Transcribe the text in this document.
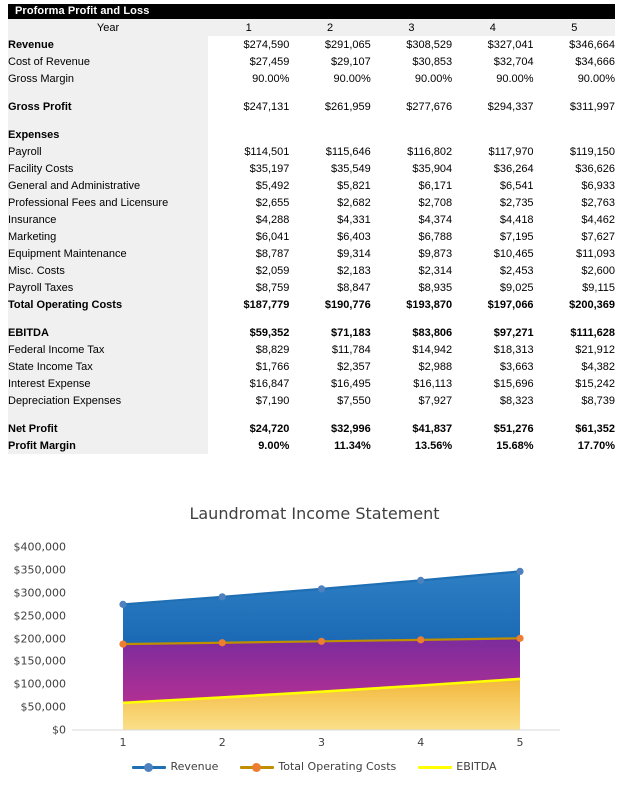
Proforma Profit and Loss
Year	1	2	3	4	5
Revenue	$274,590	$291,065	$308,529	$327,041	$346,664
Cost of Revenue	$27,459	$29,107	$30,853	$32,704	$34,666
Gross Margin	90.00%	90.00%	90.00%	90.00%	90.00%

Gross Profit	$247,131	$261,959	$277,676	$294,337	$311,997

Expenses					
Payroll	$114,501	$115,646	$116,802	$117,970	$119,150
Facility Costs	$35,197	$35,549	$35,904	$36,264	$36,626
General and Administrative	$5,492	$5,821	$6,171	$6,541	$6,933
Professional Fees and Licensure	$2,655	$2,682	$2,708	$2,735	$2,763
Insurance	$4,288	$4,331	$4,374	$4,418	$4,462
Marketing	$6,041	$6,403	$6,788	$7,195	$7,627
Equipment Maintenance	$8,787	$9,314	$9,873	$10,465	$11,093
Misc. Costs	$2,059	$2,183	$2,314	$2,453	$2,600
Payroll Taxes	$8,759	$8,847	$8,935	$9,025	$9,115
Total Operating Costs	$187,779	$190,776	$193,870	$197,066	$200,369

EBITDA	$59,352	$71,183	$83,806	$97,271	$111,628
Federal Income Tax	$8,829	$11,784	$14,942	$18,313	$21,912
State Income Tax	$1,766	$2,357	$2,988	$3,663	$4,382
Interest Expense	$16,847	$16,495	$16,113	$15,696	$15,242
Depreciation Expenses	$7,190	$7,550	$7,927	$8,323	$8,739

Net Profit	$24,720	$32,996	$41,837	$51,276	$61,352
Profit Margin	9.00%	11.34%	13.56%	15.68%	17.70%
Laundromat Income Statement
$0
$50,000
$100,000
$150,000
$200,000
$250,000
$300,000
$350,000
$400,000
1	2	3	4	5
Revenue	Total Operating Costs	EBITDA
